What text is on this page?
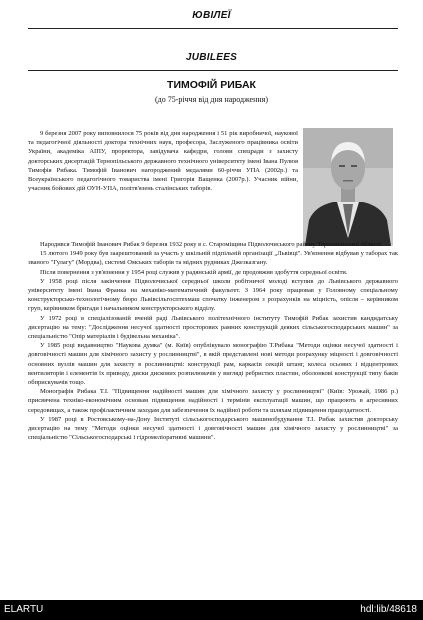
ЮВІЛЕЇ
JUBILEES
ТИМОФІЙ РИБАК
(до 75-річчя від дня народження)

9 березня 2007 року виповнилося 75 років від дня народження і 51 рік виробничої, наукової та педагогічної діяльності доктора технічних наук, професора, Заслуженого працівника освіти України, академіка АІПУ, проректора, завідувача кафедри, голови спецради з захисту докторських дисертацій Тернопільського державного технічного університету імені Івана Пулюя Тимофія Рибака. Тимофій Іванович нагороджений медалями 60-річчя УПА (2002р.) та Всеукраїнського педагогічного товариства імені Григорія Ващенка (2007р.). Учасник війни, учасник бойових дій ОУН-УПА, політв'язень сталінських таборів.

Народився Тимофій Іванович Рибак 9 березня 1932 року в с. Староміщина Підволочиського району Тернопільської області.

15 лютого 1949 року був заарештований за участь у шкільній підпільній організації „Львівці". Ув'язнення відбував у таборах так званого "Гулагу" (Мордва), системі Омських таборів та мідних рудниках Джезказгану.

Після повернення з ув'язнення у 1954 році служив у радянській армії, де продовжив здобуття середньої освіти.

У 1958 році після закінчення Підволочиської середньої школи робітничої молоді вступив до Львівського державного університету імені Івана Франка на механіко-математичний факультет. З 1964 року працював у Головному спеціальному конструкторсько-технологічному бюро Львівсільгосптехмаш спочатку інженером з розрахунків на міцність, опісля – керівником груп, керівником бригади і начальником конструкторського відділу.

У 1972 році в спеціалізованій вченій раді Львівського політехнічного інституту Тимофій Рибак захистив кандидатську дисертацію на тему: "Дослідження несучої здатності просторових рамних конструкцій деяких сільськогосподарських машин" за спеціальністю "Опір матеріалів і будівельна механіка".

У 1985 році видавництво "Наукова думка" (м. Київ) опублікувало монографію Т.Рибака "Методи оцінки несучої здатності і довговічності машин для хімічного захисту у рослинництві", в якій представлені нові методи розрахунку міцності і довговічності основних вузлів машин для захисту в рослинництві: конструкції рам, каркасів секцій штанг, колеса осьових і відцентрових вентиляторів і елементів їх приводу, диски дискових розпилювачів у вигляді ребристих пластин, оболонкові конструкції типу баків обприскувачів тощо.

Монографія Рибака Т.І. "Підвищення надійності машин для хімічного захисту у рослинництві" (Київ: Урожай, 1986 р.) присвячена техніко-економічним основам підвищення надійності і термінів експлуатації машин, що працюють в агресивних середовищах, а також профілактичним заходам для забезпечення їх надійної роботи та шляхам підвищення працездатності.

У 1987 році в Ростовському-на-Дону Інституті сільськогосподарського машинобудування Т.І. Рибак захистив докторську дисертацію на тему "Методи оцінки несучої здатності і довговічності машин для хімічного захисту у рослинництві" за спеціальністю "Сільськогосподарські і гідромеліоративні машини".

ELARTU	hdl:lib/48618
